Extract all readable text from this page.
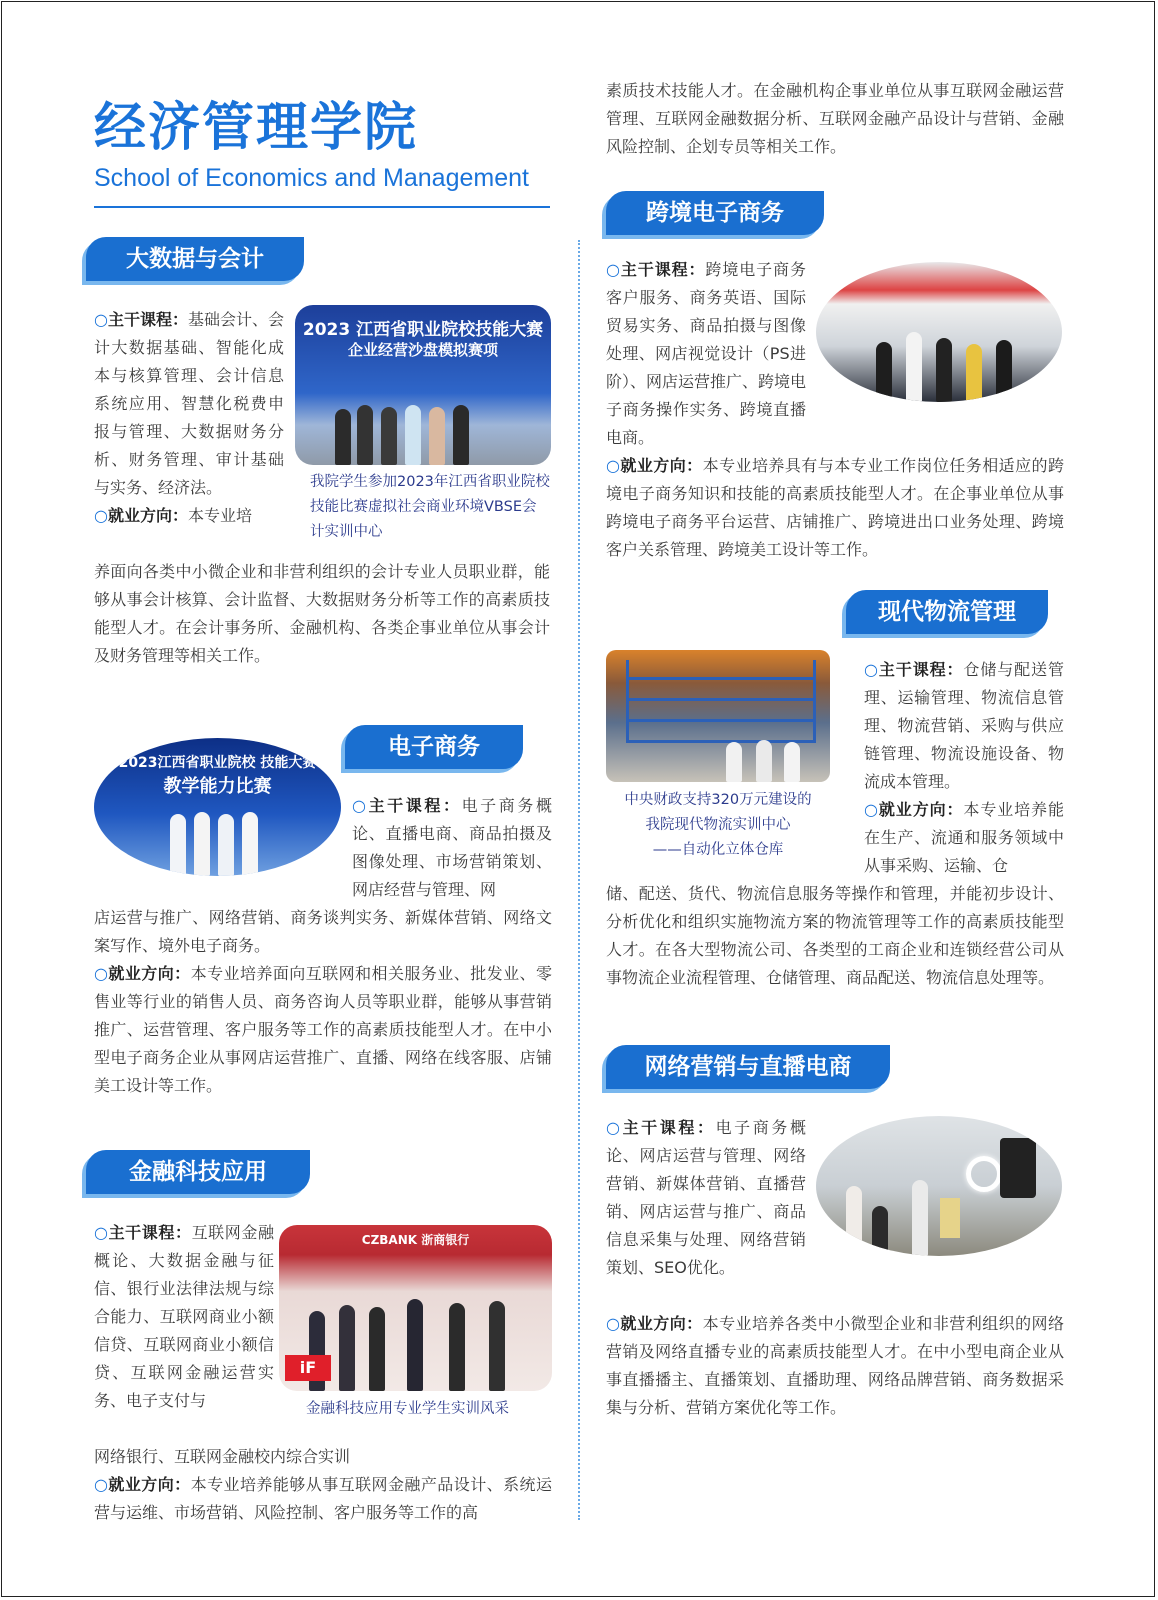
经济管理学院
School of Economics and Management
大数据与会计
○主干课程：基础会计、会计大数据基础、智能化成本与核算管理、会计信息系统应用、智慧化税费申报与管理、大数据财务分析、财务管理、审计基础与实务、经济法。
○就业方向：本专业培
养面向各类中小微企业和非营利组织的会计专业人员职业群，能够从事会计核算、会计监督、大数据财务分析等工作的高素质技能型人才。在会计事务所、金融机构、各类企事业单位从事会计及财务管理等相关工作。
2023 江西省职业院校技能大赛
企业经营沙盘模拟赛项
我院学生参加2023年江西省职业院校技能比赛虚拟社会商业环境VBSE会计实训中心
电子商务
2023江西省职业院校 技能大赛
教学能力比赛
○主干课程：电子商务概论、直播电商、商品拍摄及图像处理、市场营销策划、网店经营与管理、网
店运营与推广、网络营销、商务谈判实务、新媒体营销、网络文案写作、境外电子商务。
○就业方向：本专业培养面向互联网和相关服务业、批发业、零售业等行业的销售人员、商务咨询人员等职业群，能够从事营销推广、运营管理、客户服务等工作的高素质技能型人才。在中小型电子商务企业从事网店运营推广、直播、网络在线客服、店铺美工设计等工作。
金融科技应用
○主干课程：互联网金融概论、大数据金融与征信、银行业法律法规与综合能力、互联网商业小额信贷、互联网商业小额信贷、互联网金融运营实务、电子支付与
网络银行、互联网金融校内综合实训
○就业方向：本专业培养能够从事互联网金融产品设计、系统运营与运维、市场营销、风险控制、客户服务等工作的高
CZBANK 浙商银行
iF
金融科技应用专业学生实训风采
素质技术技能人才。在金融机构企事业单位从事互联网金融运营管理、互联网金融数据分析、互联网金融产品设计与营销、金融风险控制、企划专员等相关工作。
跨境电子商务
○主干课程：跨境电子商务客户服务、商务英语、国际贸易实务、商品拍摄与图像处理、网店视觉设计（PS进阶）、网店运营推广、跨境电子商务操作实务、跨境直播电商。
○就业方向：本专业培养具有与本专业工作岗位任务相适应的跨境电子商务知识和技能的高素质技能型人才。在企事业单位从事跨境电子商务平台运营、店铺推广、跨境进出口业务处理、跨境客户关系管理、跨境美工设计等工作。
现代物流管理
中央财政支持320万元建设的
我院现代物流实训中心
——自动化立体仓库
○主干课程：仓储与配送管理、运输管理、物流信息管理、物流营销、采购与供应链管理、物流设施设备、物流成本管理。
○就业方向：本专业培养能在生产、流通和服务领域中从事采购、运输、仓
储、配送、货代、物流信息服务等操作和管理，并能初步设计、分析优化和组织实施物流方案的物流管理等工作的高素质技能型人才。在各大型物流公司、各类型的工商企业和连锁经营公司从事物流企业流程管理、仓储管理、商品配送、物流信息处理等。
网络营销与直播电商
○主干课程：电子商务概论、网店运营与管理、网络营销、新媒体营销、直播营销、网店运营与推广、商品信息采集与处理、网络营销策划、SEO优化。
○就业方向：本专业培养各类中小微型企业和非营利组织的网络营销及网络直播专业的高素质技能型人才。在中小型电商企业从事直播播主、直播策划、直播助理、网络品牌营销、商务数据采集与分析、营销方案优化等工作。
